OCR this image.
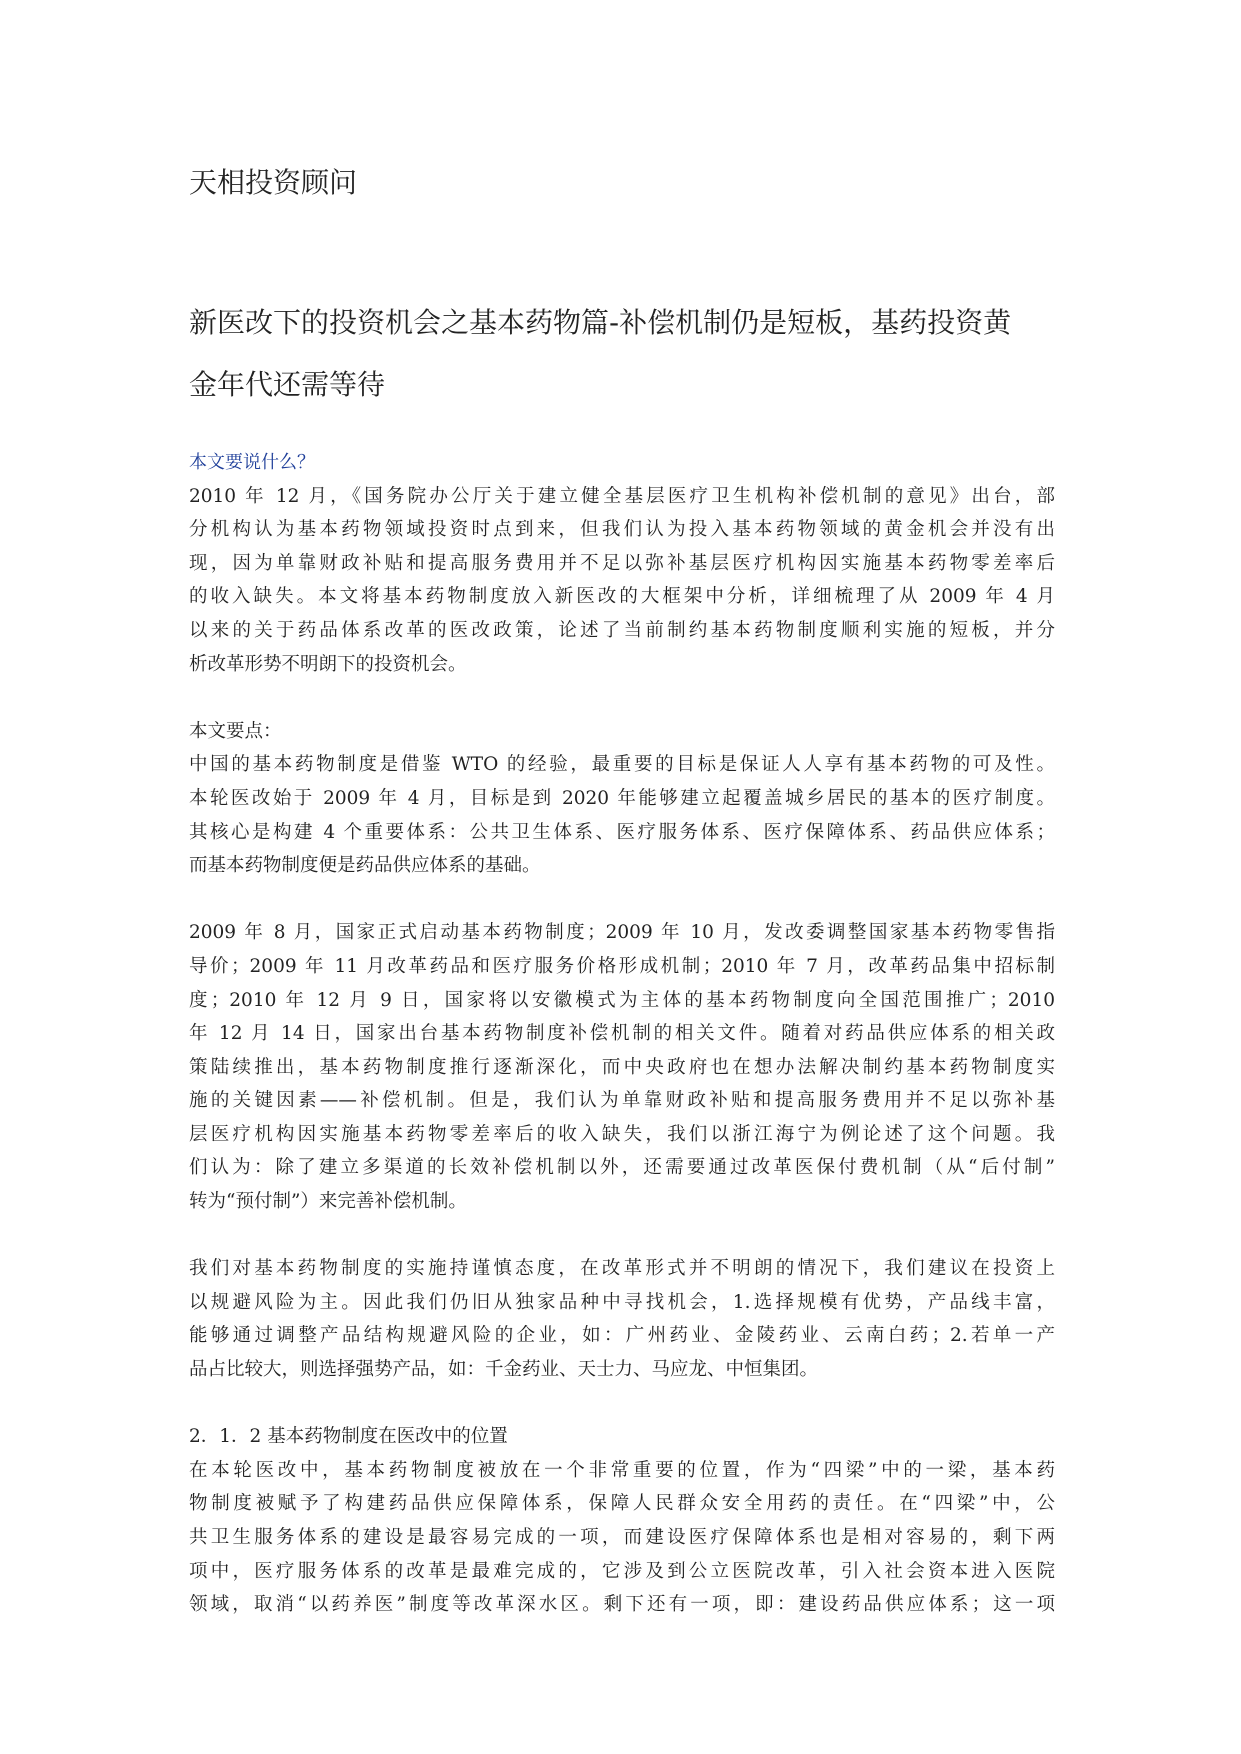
天相投资顾问
新医改下的投资机会之基本药物篇-补偿机制仍是短板，基药投资黄
金年代还需等待
本文要说什么？
2010 年 12 月，《国务院办公厅关于建立健全基层医疗卫生机构补偿机制的意见》出台，部
分机构认为基本药物领域投资时点到来，但我们认为投入基本药物领域的黄金机会并没有出
现，因为单靠财政补贴和提高服务费用并不足以弥补基层医疗机构因实施基本药物零差率后
的收入缺失。本文将基本药物制度放入新医改的大框架中分析，详细梳理了从 2009 年 4 月
以来的关于药品体系改革的医改政策，论述了当前制约基本药物制度顺利实施的短板，并分
析改革形势不明朗下的投资机会。
本文要点：
中国的基本药物制度是借鉴 WTO 的经验，最重要的目标是保证人人享有基本药物的可及性。
本轮医改始于 2009 年 4 月，目标是到 2020 年能够建立起覆盖城乡居民的基本的医疗制度。
其核心是构建 4 个重要体系：公共卫生体系、医疗服务体系、医疗保障体系、药品供应体系；
而基本药物制度便是药品供应体系的基础。
2009 年 8 月，国家正式启动基本药物制度；2009 年 10 月，发改委调整国家基本药物零售指
导价；2009 年 11 月改革药品和医疗服务价格形成机制；2010 年 7 月，改革药品集中招标制
度；2010 年 12 月 9 日，国家将以安徽模式为主体的基本药物制度向全国范围推广；2010
年 12 月 14 日，国家出台基本药物制度补偿机制的相关文件。随着对药品供应体系的相关政
策陆续推出，基本药物制度推行逐渐深化，而中央政府也在想办法解决制约基本药物制度实
施的关键因素——补偿机制。但是，我们认为单靠财政补贴和提高服务费用并不足以弥补基
层医疗机构因实施基本药物零差率后的收入缺失，我们以浙江海宁为例论述了这个问题。我
们认为：除了建立多渠道的长效补偿机制以外，还需要通过改革医保付费机制（从“后付制”
转为“预付制”）来完善补偿机制。
我们对基本药物制度的实施持谨慎态度，在改革形式并不明朗的情况下，我们建议在投资上
以规避风险为主。因此我们仍旧从独家品种中寻找机会，1.选择规模有优势，产品线丰富，
能够通过调整产品结构规避风险的企业，如：广州药业、金陵药业、云南白药；2.若单一产
品占比较大，则选择强势产品，如：千金药业、天士力、马应龙、中恒集团。
2．1．2 基本药物制度在医改中的位置
在本轮医改中，基本药物制度被放在一个非常重要的位置，作为“四梁”中的一梁，基本药
物制度被赋予了构建药品供应保障体系，保障人民群众安全用药的责任。在“四梁”中，公
共卫生服务体系的建设是最容易完成的一项，而建设医疗保障体系也是相对容易的，剩下两
项中，医疗服务体系的改革是最难完成的，它涉及到公立医院改革，引入社会资本进入医院
领域，取消“以药养医”制度等改革深水区。剩下还有一项，即：建设药品供应体系；这一项
